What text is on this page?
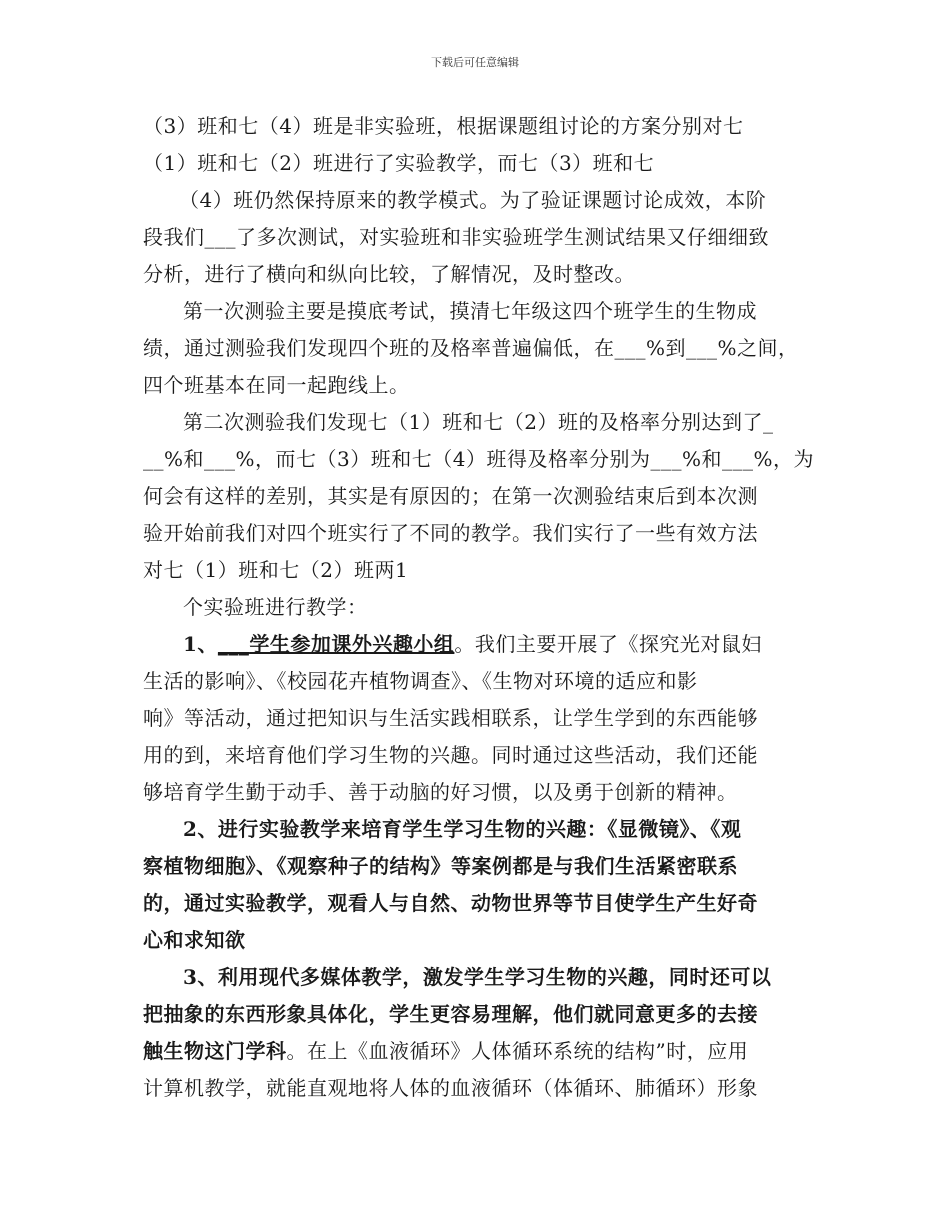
下载后可任意编辑
（3）班和七（4）班是非实验班，根据课题组讨论的方案分别对七
（1）班和七（2）班进行了实验教学，而七（3）班和七
（4）班仍然保持原来的教学模式。为了验证课题讨论成效，本阶
段我们___了多次测试，对实验班和非实验班学生测试结果又仔细细致
分析，进行了横向和纵向比较，了解情况，及时整改。
第一次测验主要是摸底考试，摸清七年级这四个班学生的生物成
绩，通过测验我们发现四个班的及格率普遍偏低，在___%到___%之间，
四个班基本在同一起跑线上。
第二次测验我们发现七（1）班和七（2）班的及格率分别达到了_
__%和___%，而七（3）班和七（4）班得及格率分别为___%和___%，为
何会有这样的差别，其实是有原因的；在第一次测验结束后到本次测
验开始前我们对四个班实行了不同的教学。我们实行了一些有效方法
对七（1）班和七（2）班两1
个实验班进行教学：
1、___学生参加课外兴趣小组。我们主要开展了《探究光对鼠妇
生活的影响》、《校园花卉植物调查》、《生物对环境的适应和影
响》等活动，通过把知识与生活实践相联系，让学生学到的东西能够
用的到，来培育他们学习生物的兴趣。同时通过这些活动，我们还能
够培育学生勤于动手、善于动脑的好习惯，以及勇于创新的精神。
2、进行实验教学来培育学生学习生物的兴趣：《显微镜》、《观
察植物细胞》、《观察种子的结构》等案例都是与我们生活紧密联系
的，通过实验教学，观看人与自然、动物世界等节目使学生产生好奇
心和求知欲
3、利用现代多媒体教学，激发学生学习生物的兴趣，同时还可以
把抽象的东西形象具体化，学生更容易理解，他们就同意更多的去接
触生物这门学科。在上《血液循环》人体循环系统的结构”时，应用
计算机教学，就能直观地将人体的血液循环（体循环、肺循环）形象
